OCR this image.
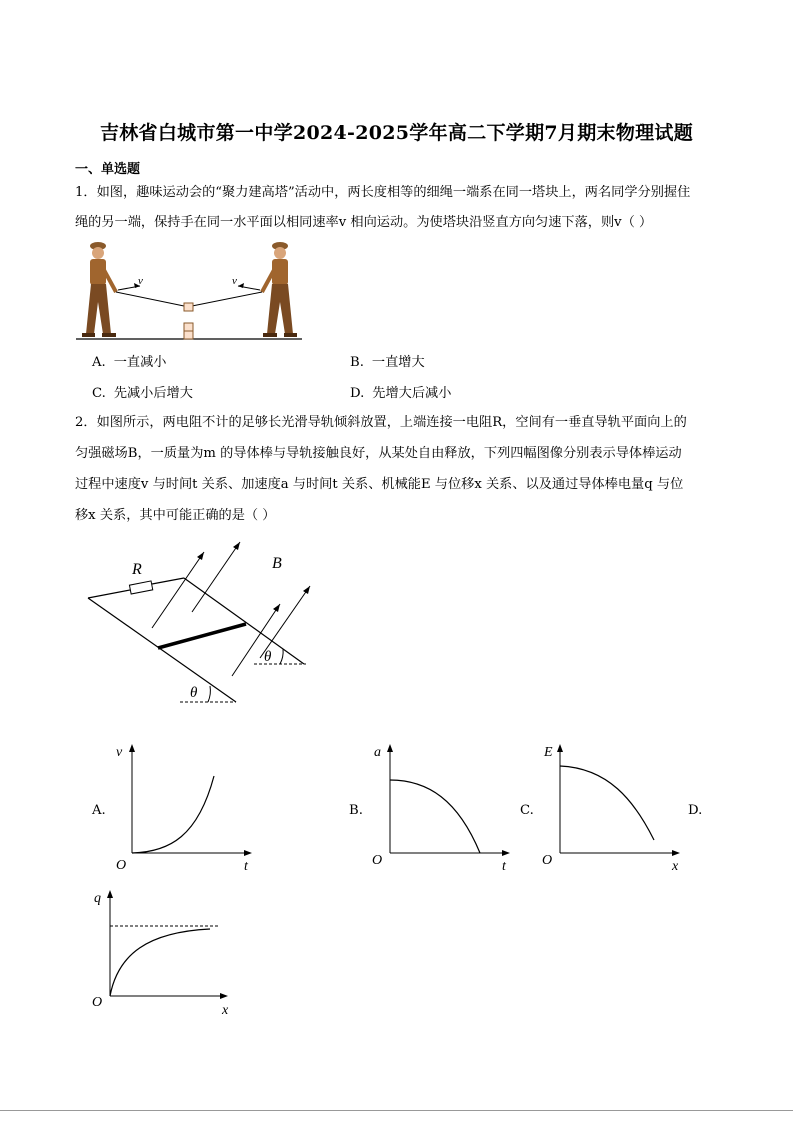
吉林省白城市第一中学2024-2025学年高二下学期7月期末物理试题
一、单选题
1．如图，趣味运动会的“聚力建高塔”活动中，两长度相等的细绳一端系在同一塔块上，两名同学分别握住
绳的另一端，保持手在同一水平面以相同速率v 相向运动。为使塔块沿竖直方向匀速下落，则v（ ）
v	v
A. 一直减小	B. 一直增大
C. 先减小后增大	D. 先增大后减小
2．如图所示，两电阻不计的足够长光滑导轨倾斜放置，上端连接一电阻R，空间有一垂直导轨平面向上的
匀强磁场B，一质量为m 的导体棒与导轨接触良好，从某处自由释放，下列四幅图像分别表示导体棒运动
过程中速度v 与时间t 关系、加速度a 与时间t 关系、机械能E 与位移x 关系、以及通过导体棒电量q 与位
移x 关系，其中可能正确的是（ ）
R	B
θ
θ
A.
v
O	t
B.
a
O	t
C.
E
O	x
D.
q
O
x
